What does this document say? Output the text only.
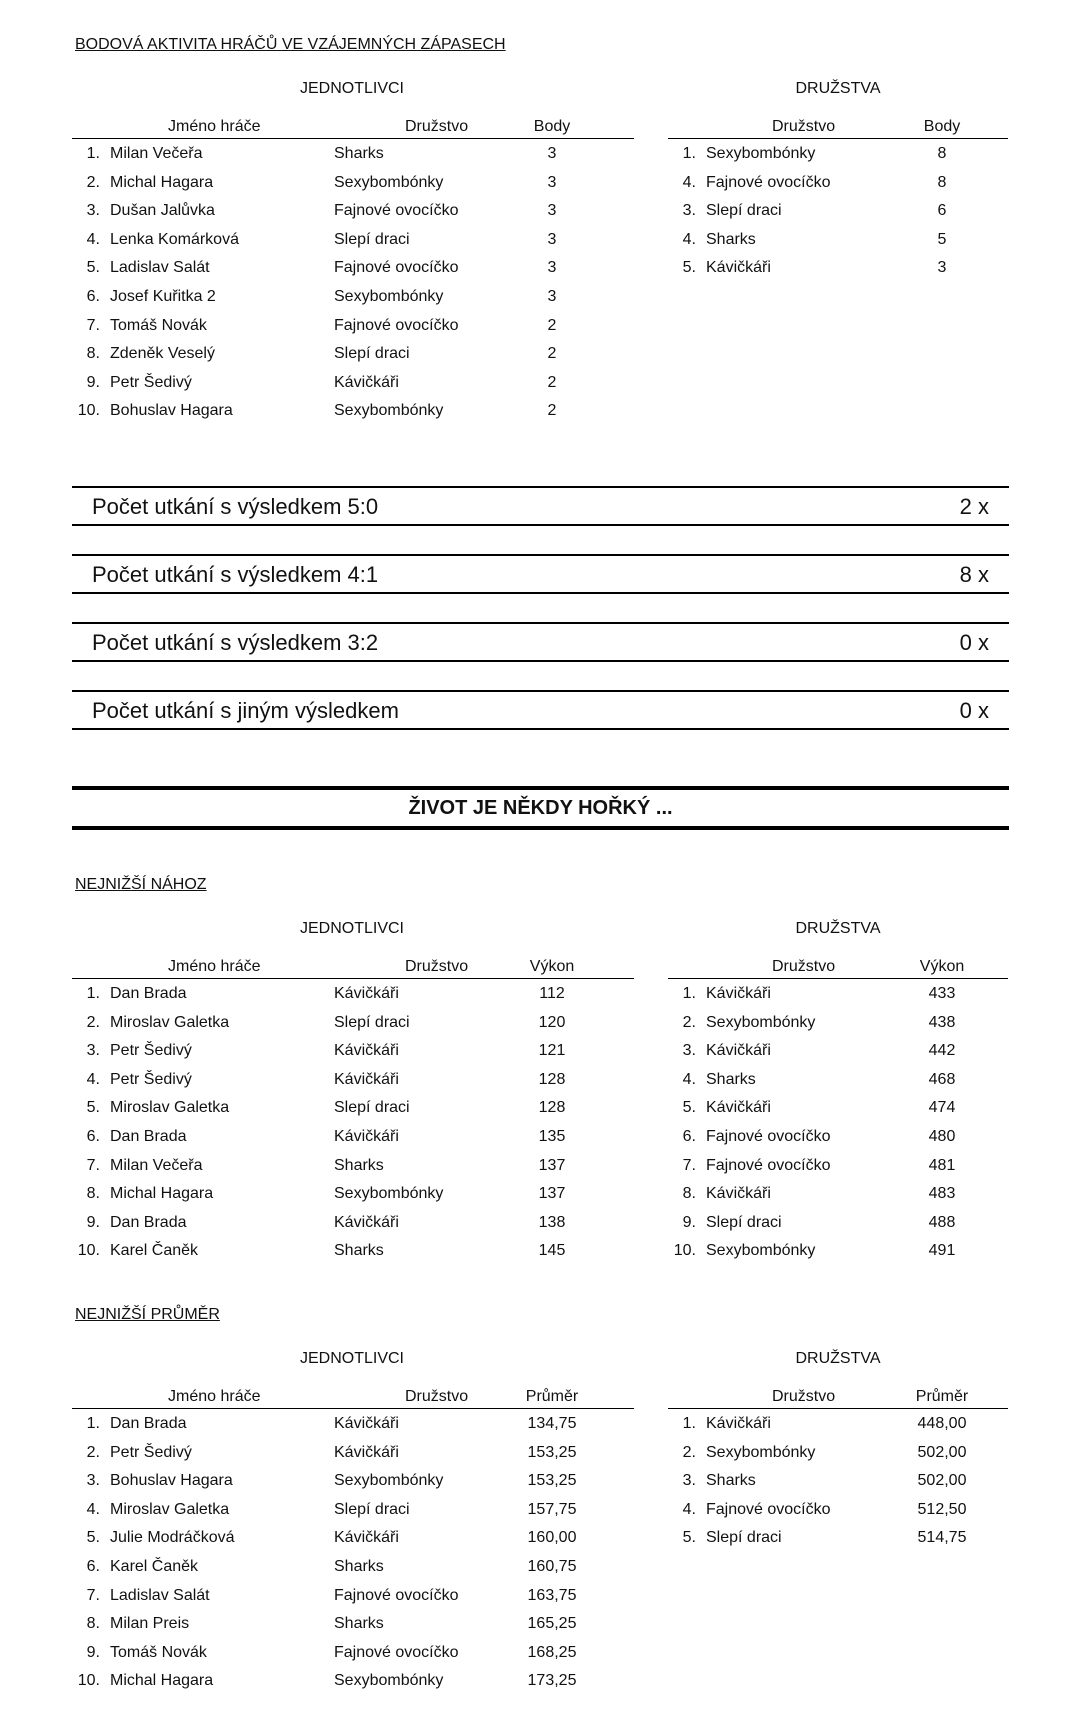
BODOVÁ AKTIVITA HRÁČŮ VE VZÁJEMNÝCH ZÁPASECH
JEDNOTLIVCI	DRUŽSTVA
Jméno hráče	Družstvo	Body
1. Milan Večeřa	Sharks	3
2. Michal Hagara	Sexybombónky	3
3. Dušan Jalůvka	Fajnové ovocíčko	3
4. Lenka Komárková	Slepí draci	3
5. Ladislav Salát	Fajnové ovocíčko	3
6. Josef Kuřitka 2	Sexybombónky	3
7. Tomáš Novák	Fajnové ovocíčko	2
8. Zdeněk Veselý	Slepí draci	2
9. Petr Šedivý	Kávičkáři	2
10. Bohuslav Hagara	Sexybombónky	2
Družstvo	Body
1. Sexybombónky	8
4. Fajnové ovocíčko	8
3. Slepí draci	6
4. Sharks	5
5. Kávičkáři	3
Počet utkání s výsledkem 5:0	2 x
Počet utkání s výsledkem 4:1	8 x
Počet utkání s výsledkem 3:2	0 x
Počet utkání s jiným výsledkem	0 x
ŽIVOT JE NĚKDY HOŘKÝ ...
NEJNIŽŠÍ NÁHOZ
JEDNOTLIVCI	DRUŽSTVA
Jméno hráče	Družstvo	Výkon
1. Dan Brada	Kávičkáři	112
2. Miroslav Galetka	Slepí draci	120
3. Petr Šedivý	Kávičkáři	121
4. Petr Šedivý	Kávičkáři	128
5. Miroslav Galetka	Slepí draci	128
6. Dan Brada	Kávičkáři	135
7. Milan Večeřa	Sharks	137
8. Michal Hagara	Sexybombónky	137
9. Dan Brada	Kávičkáři	138
10. Karel Čaněk	Sharks	145
Družstvo	Výkon
1. Kávičkáři	433
2. Sexybombónky	438
3. Kávičkáři	442
4. Sharks	468
5. Kávičkáři	474
6. Fajnové ovocíčko	480
7. Fajnové ovocíčko	481
8. Kávičkáři	483
9. Slepí draci	488
10. Sexybombónky	491
NEJNIŽŠÍ PRŮMĚR
JEDNOTLIVCI	DRUŽSTVA
Jméno hráče	Družstvo	Průměr
1. Dan Brada	Kávičkáři	134,75
2. Petr Šedivý	Kávičkáři	153,25
3. Bohuslav Hagara	Sexybombónky	153,25
4. Miroslav Galetka	Slepí draci	157,75
5. Julie Modráčková	Kávičkáři	160,00
6. Karel Čaněk	Sharks	160,75
7. Ladislav Salát	Fajnové ovocíčko	163,75
8. Milan Preis	Sharks	165,25
9. Tomáš Novák	Fajnové ovocíčko	168,25
10. Michal Hagara	Sexybombónky	173,25
Družstvo	Průměr
1. Kávičkáři	448,00
2. Sexybombónky	502,00
3. Sharks	502,00
4. Fajnové ovocíčko	512,50
5. Slepí draci	514,75
